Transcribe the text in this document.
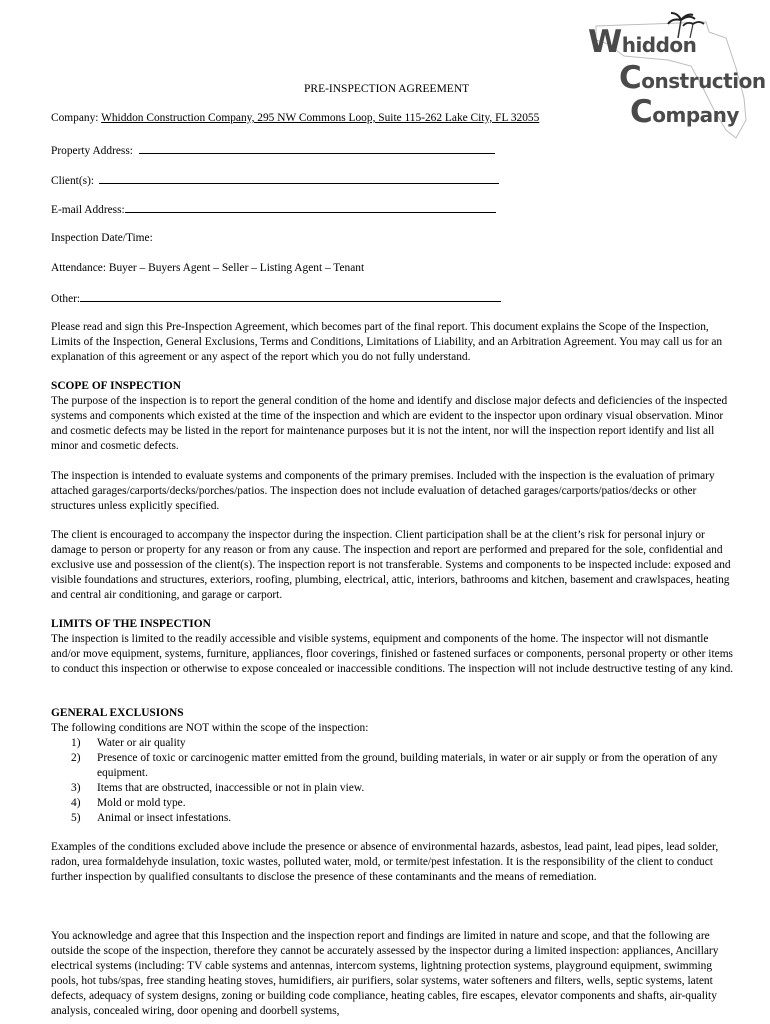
Whiddon
Construction
Company
PRE-INSPECTION AGREEMENT
Company: Whiddon Construction Company, 295 NW Commons Loop, Suite 115-262 Lake City, FL 32055
Property Address:
Client(s):
E-mail Address:
Inspection Date/Time:
Attendance: Buyer – Buyers Agent – Seller – Listing Agent – Tenant
Other:

Please read and sign this Pre-Inspection Agreement, which becomes part of the final report. This document explains the Scope of the Inspection, Limits of the Inspection, General Exclusions, Terms and Conditions, Limitations of Liability, and an Arbitration Agreement. You may call us for an explanation of this agreement or any aspect of the report which you do not fully understand.

SCOPE OF INSPECTION

The purpose of the inspection is to report the general condition of the home and identify and disclose major defects and deficiencies of the inspected systems and components which existed at the time of the inspection and which are evident to the inspector upon ordinary visual observation. Minor and cosmetic defects may be listed in the report for maintenance purposes but it is not the intent, nor will the inspection report identify and list all minor and cosmetic defects.

The inspection is intended to evaluate systems and components of the primary premises. Included with the inspection is the evaluation of primary attached garages/carports/decks/porches/patios. The inspection does not include evaluation of detached garages/carports/patios/decks or other structures unless explicitly specified.
The client is encouraged to accompany the inspector during the inspection. Client participation shall be at the client’s risk for personal injury or damage to person or property for any reason or from any cause. The inspection and report are performed and prepared for the sole, confidential and exclusive use and possession of the client(s). The inspection report is not transferable. Systems and components to be inspected include: exposed and visible foundations and structures, exteriors, roofing, plumbing, electrical, attic, interiors, bathrooms and kitchen, basement and crawlspaces, heating and central air conditioning, and garage or carport.

LIMITS OF THE INSPECTION

The inspection is limited to the readily accessible and visible systems, equipment and components of the home. The inspector will not dismantle and/or move equipment, systems, furniture, appliances, floor coverings, finished or fastened surfaces or components, personal property or other items to conduct this inspection or otherwise to expose concealed or inaccessible conditions. The inspection will not include destructive testing of any kind.

GENERAL EXCLUSIONS

The following conditions are NOT within the scope of the inspection:

1) Water or air quality
2) Presence of toxic or carcinogenic matter emitted from the ground, building materials, in water or air supply or from the operation of any equipment.
3) Items that are obstructed, inaccessible or not in plain view.
4) Mold or mold type.
5) Animal or insect infestations.
Examples of the conditions excluded above include the presence or absence of environmental hazards, asbestos, lead paint, lead pipes, lead solder, radon, urea formaldehyde insulation, toxic wastes, polluted water, mold, or termite/pest infestation. It is the responsibility of the client to conduct further inspection by qualified consultants to disclose the presence of these contaminants and the means of remediation.
You acknowledge and agree that this Inspection and the inspection report and findings are limited in nature and scope, and that the following are outside the scope of the inspection, therefore they cannot be accurately assessed by the inspector during a limited inspection: appliances, Ancillary electrical systems (including: TV cable systems and antennas, intercom systems, lightning protection systems, playground equipment, swimming pools, hot tubs/spas, free standing heating stoves, humidifiers, air purifiers, solar systems, water softeners and filters, wells, septic systems, latent defects, adequacy of system designs, zoning or building code compliance, heating cables, fire escapes, elevator components and shafts, air-quality analysis, concealed wiring, door opening and doorbell systems,
